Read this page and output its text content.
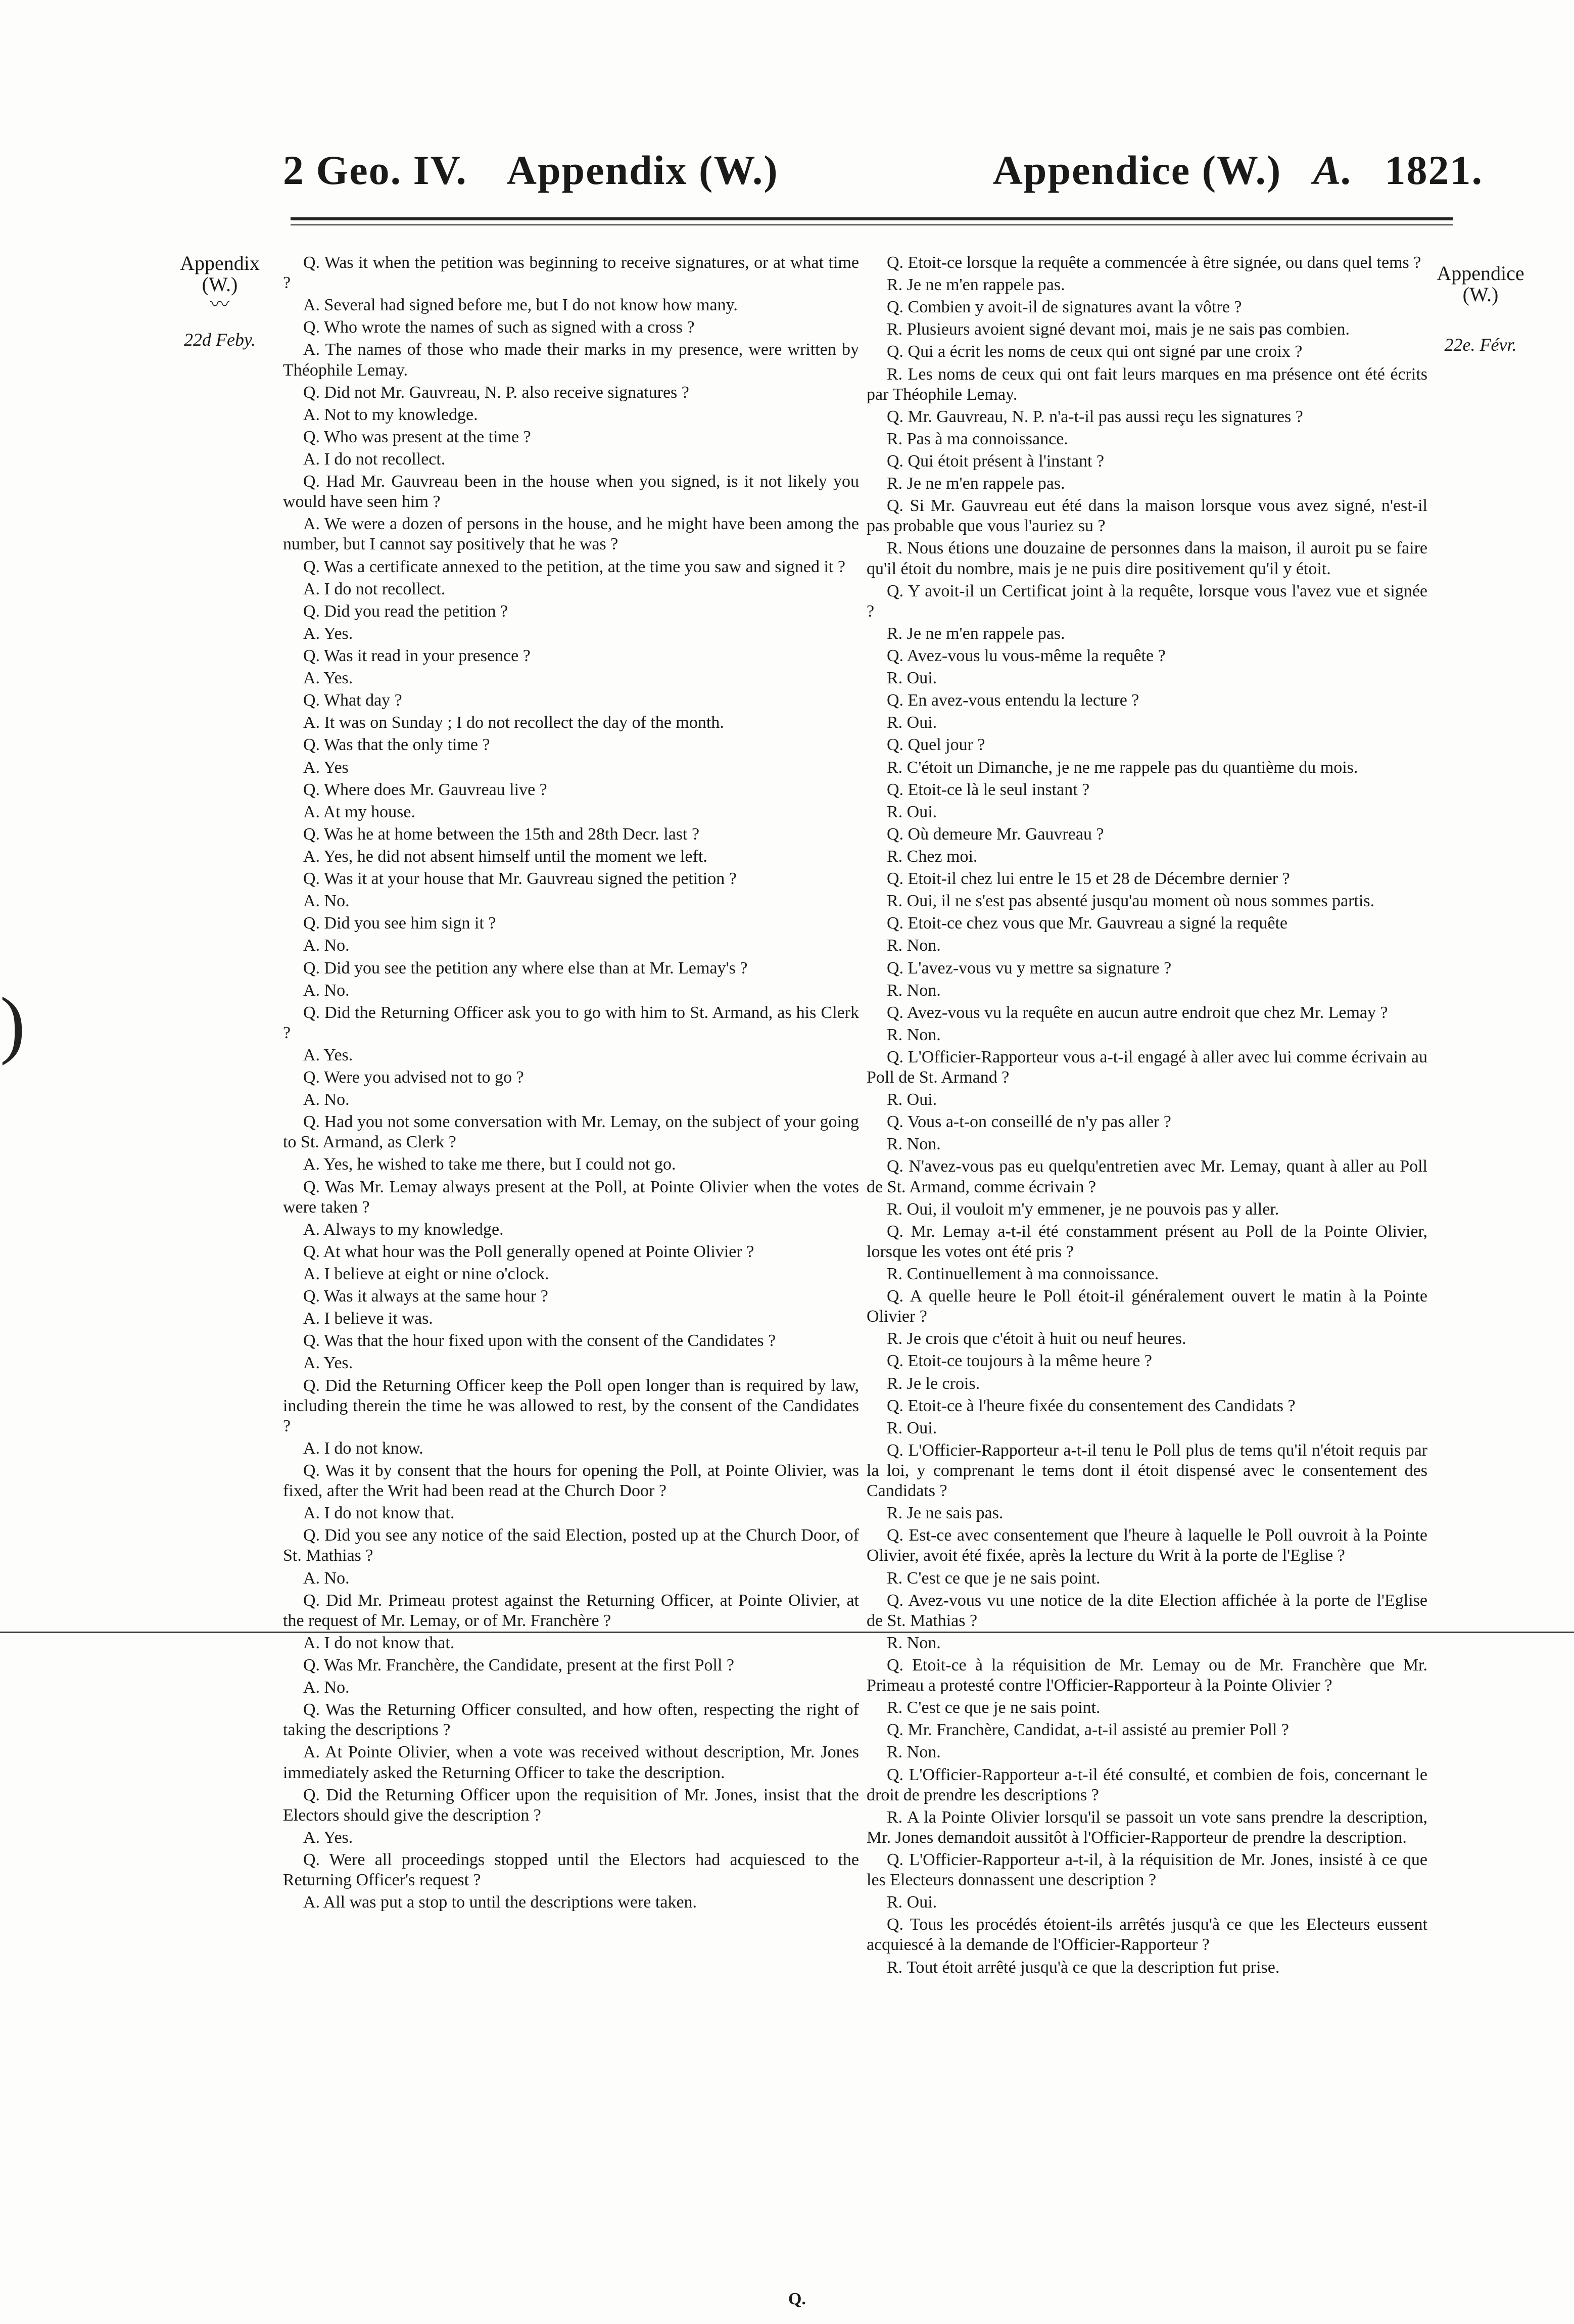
2 Geo. IV. Appendix (W.)	Appendice (W.) A. 1821.
Appendix
(W.)
〰
22d Feby.
Appendice
(W.)
22e. Févr.
)

Q. Was it when the petition was beginning to receive signatures, or at what time ?

A. Several had signed before me, but I do not know how many.

Q. Who wrote the names of such as signed with a cross ?

A. The names of those who made their marks in my presence, were written by Théophile Lemay.

Q. Did not Mr. Gauvreau, N. P. also receive signatures ?

A. Not to my knowledge.

Q. Who was present at the time ?

A. I do not recollect.

Q. Had Mr. Gauvreau been in the house when you signed, is it not likely you would have seen him ?

A. We were a dozen of persons in the house, and he might have been among the number, but I cannot say positively that he was ?

Q. Was a certificate annexed to the petition, at the time you saw and signed it ?

A. I do not recollect.

Q. Did you read the petition ?

A. Yes.

Q. Was it read in your presence ?

A. Yes.

Q. What day ?

A. It was on Sunday ; I do not recollect the day of the month.

Q. Was that the only time ?

A. Yes

Q. Where does Mr. Gauvreau live ?

A. At my house.

Q. Was he at home between the 15th and 28th Decr. last ?

A. Yes, he did not absent himself until the moment we left.

Q. Was it at your house that Mr. Gauvreau signed the petition ?

A. No.

Q. Did you see him sign it ?

A. No.

Q. Did you see the petition any where else than at Mr. Lemay's ?

A. No.

Q. Did the Returning Officer ask you to go with him to St. Armand, as his Clerk ?

A. Yes.

Q. Were you advised not to go ?

A. No.

Q. Had you not some conversation with Mr. Lemay, on the subject of your going to St. Armand, as Clerk ?

A. Yes, he wished to take me there, but I could not go.

Q. Was Mr. Lemay always present at the Poll, at Pointe Olivier when the votes were taken ?

A. Always to my knowledge.

Q. At what hour was the Poll generally opened at Pointe Olivier ?

A. I believe at eight or nine o'clock.

Q. Was it always at the same hour ?

A. I believe it was.

Q. Was that the hour fixed upon with the consent of the Candidates ?

A. Yes.

Q. Did the Returning Officer keep the Poll open longer than is required by law, including therein the time he was allowed to rest, by the consent of the Candidates ?

A. I do not know.

Q. Was it by consent that the hours for opening the Poll, at Pointe Olivier, was fixed, after the Writ had been read at the Church Door ?

A. I do not know that.

Q. Did you see any notice of the said Election, posted up at the Church Door, of St. Mathias ?

A. No.

Q. Did Mr. Primeau protest against the Returning Officer, at Pointe Olivier, at the request of Mr. Lemay, or of Mr. Franchère ?

A. I do not know that.

Q. Was Mr. Franchère, the Candidate, present at the first Poll ?

A. No.

Q. Was the Returning Officer consulted, and how often, respecting the right of taking the descriptions ?

A. At Pointe Olivier, when a vote was received without description, Mr. Jones immediately asked the Returning Officer to take the description.

Q. Did the Returning Officer upon the requisition of Mr. Jones, insist that the Electors should give the description ?

A. Yes.

Q. Were all proceedings stopped until the Electors had acquiesced to the Returning Officer's request ?

A. All was put a stop to until the descriptions were taken.

Q. Etoit-ce lorsque la requête a commencée à être signée, ou dans quel tems ?

R. Je ne m'en rappele pas.

Q. Combien y avoit-il de signatures avant la vôtre ?

R. Plusieurs avoient signé devant moi, mais je ne sais pas combien.

Q. Qui a écrit les noms de ceux qui ont signé par une croix ?

R. Les noms de ceux qui ont fait leurs marques en ma présence ont été écrits par Théophile Lemay.

Q. Mr. Gauvreau, N. P. n'a-t-il pas aussi reçu les signatures ?

R. Pas à ma connoissance.

Q. Qui étoit présent à l'instant ?

R. Je ne m'en rappele pas.

Q. Si Mr. Gauvreau eut été dans la maison lorsque vous avez signé, n'est-il pas probable que vous l'auriez su ?

R. Nous étions une douzaine de personnes dans la maison, il auroit pu se faire qu'il étoit du nombre, mais je ne puis dire positivement qu'il y étoit.

Q. Y avoit-il un Certificat joint à la requête, lorsque vous l'avez vue et signée ?

R. Je ne m'en rappele pas.

Q. Avez-vous lu vous-même la requête ?

R. Oui.

Q. En avez-vous entendu la lecture ?

R. Oui.

Q. Quel jour ?

R. C'étoit un Dimanche, je ne me rappele pas du quantième du mois.

Q. Etoit-ce là le seul instant ?

R. Oui.

Q. Où demeure Mr. Gauvreau ?

R. Chez moi.

Q. Etoit-il chez lui entre le 15 et 28 de Décembre dernier ?

R. Oui, il ne s'est pas absenté jusqu'au moment où nous sommes partis.

Q. Etoit-ce chez vous que Mr. Gauvreau a signé la requête

R. Non.

Q. L'avez-vous vu y mettre sa signature ?

R. Non.

Q. Avez-vous vu la requête en aucun autre endroit que chez Mr. Lemay ?

R. Non.

Q. L'Officier-Rapporteur vous a-t-il engagé à aller avec lui comme écrivain au Poll de St. Armand ?

R. Oui.

Q. Vous a-t-on conseillé de n'y pas aller ?

R. Non.

Q. N'avez-vous pas eu quelqu'entretien avec Mr. Lemay, quant à aller au Poll de St. Armand, comme écrivain ?

R. Oui, il vouloit m'y emmener, je ne pouvois pas y aller.

Q. Mr. Lemay a-t-il été constamment présent au Poll de la Pointe Olivier, lorsque les votes ont été pris ?

R. Continuellement à ma connoissance.

Q. A quelle heure le Poll étoit-il généralement ouvert le matin à la Pointe Olivier ?

R. Je crois que c'étoit à huit ou neuf heures.

Q. Etoit-ce toujours à la même heure ?

R. Je le crois.

Q. Etoit-ce à l'heure fixée du consentement des Candidats ?

R. Oui.

Q. L'Officier-Rapporteur a-t-il tenu le Poll plus de tems qu'il n'étoit requis par la loi, y comprenant le tems dont il étoit dispensé avec le consentement des Candidats ?

R. Je ne sais pas.

Q. Est-ce avec consentement que l'heure à laquelle le Poll ouvroit à la Pointe Olivier, avoit été fixée, après la lecture du Writ à la porte de l'Eglise ?

R. C'est ce que je ne sais point.

Q. Avez-vous vu une notice de la dite Election affichée à la porte de l'Eglise de St. Mathias ?

R. Non.

Q. Etoit-ce à la réquisition de Mr. Lemay ou de Mr. Franchère que Mr. Primeau a protesté contre l'Officier-Rapporteur à la Pointe Olivier ?

R. C'est ce que je ne sais point.

Q. Mr. Franchère, Candidat, a-t-il assisté au premier Poll ?

R. Non.

Q. L'Officier-Rapporteur a-t-il été consulté, et combien de fois, concernant le droit de prendre les descriptions ?

R. A la Pointe Olivier lorsqu'il se passoit un vote sans prendre la description, Mr. Jones demandoit aussitôt à l'Officier-Rapporteur de prendre la description.

Q. L'Officier-Rapporteur a-t-il, à la réquisition de Mr. Jones, insisté à ce que les Electeurs donnassent une description ?

R. Oui.

Q. Tous les procédés étoient-ils arrêtés jusqu'à ce que les Electeurs eussent acquiescé à la demande de l'Officier-Rapporteur ?

R. Tout étoit arrêté jusqu'à ce que la description fut prise.

Q.
